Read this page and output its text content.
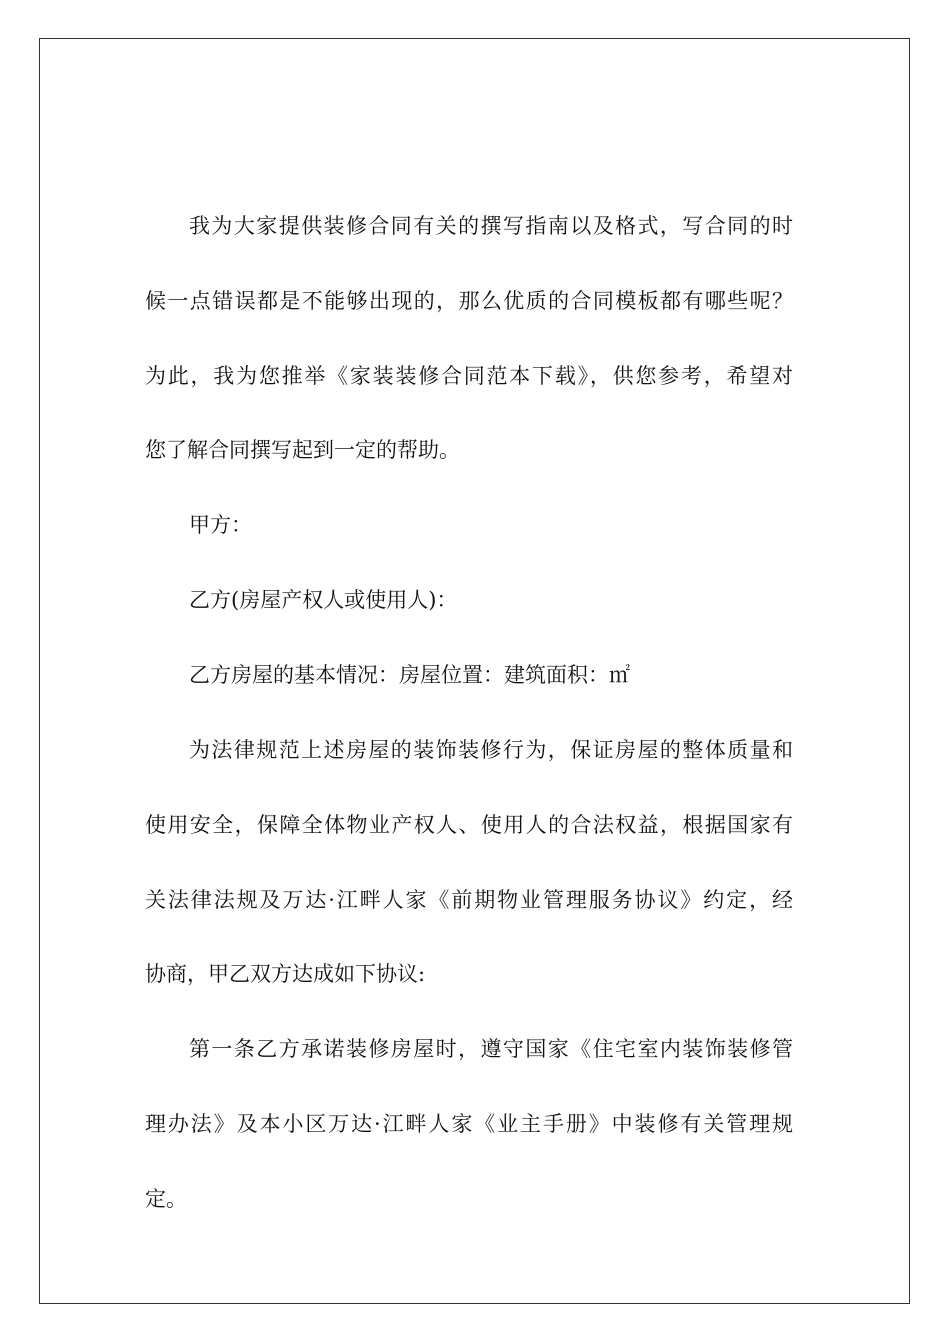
我为大家提供装修合同有关的撰写指南以及格式，写合同的时
候一点错误都是不能够出现的，那么优质的合同模板都有哪些呢？
为此，我为您推举《家装装修合同范本下载》，供您参考，希望对
您了解合同撰写起到一定的帮助。
甲方：
乙方(房屋产权人或使用人)：
乙方房屋的基本情况：房屋位置：建筑面积：㎡
为法律规范上述房屋的装饰装修行为，保证房屋的整体质量和
使用安全，保障全体物业产权人、使用人的合法权益，根据国家有
关法律法规及万达·江畔人家《前期物业管理服务协议》约定，经
协商，甲乙双方达成如下协议:
第一条乙方承诺装修房屋时，遵守国家《住宅室内装饰装修管
理办法》及本小区万达·江畔人家《业主手册》中装修有关管理规
定。
